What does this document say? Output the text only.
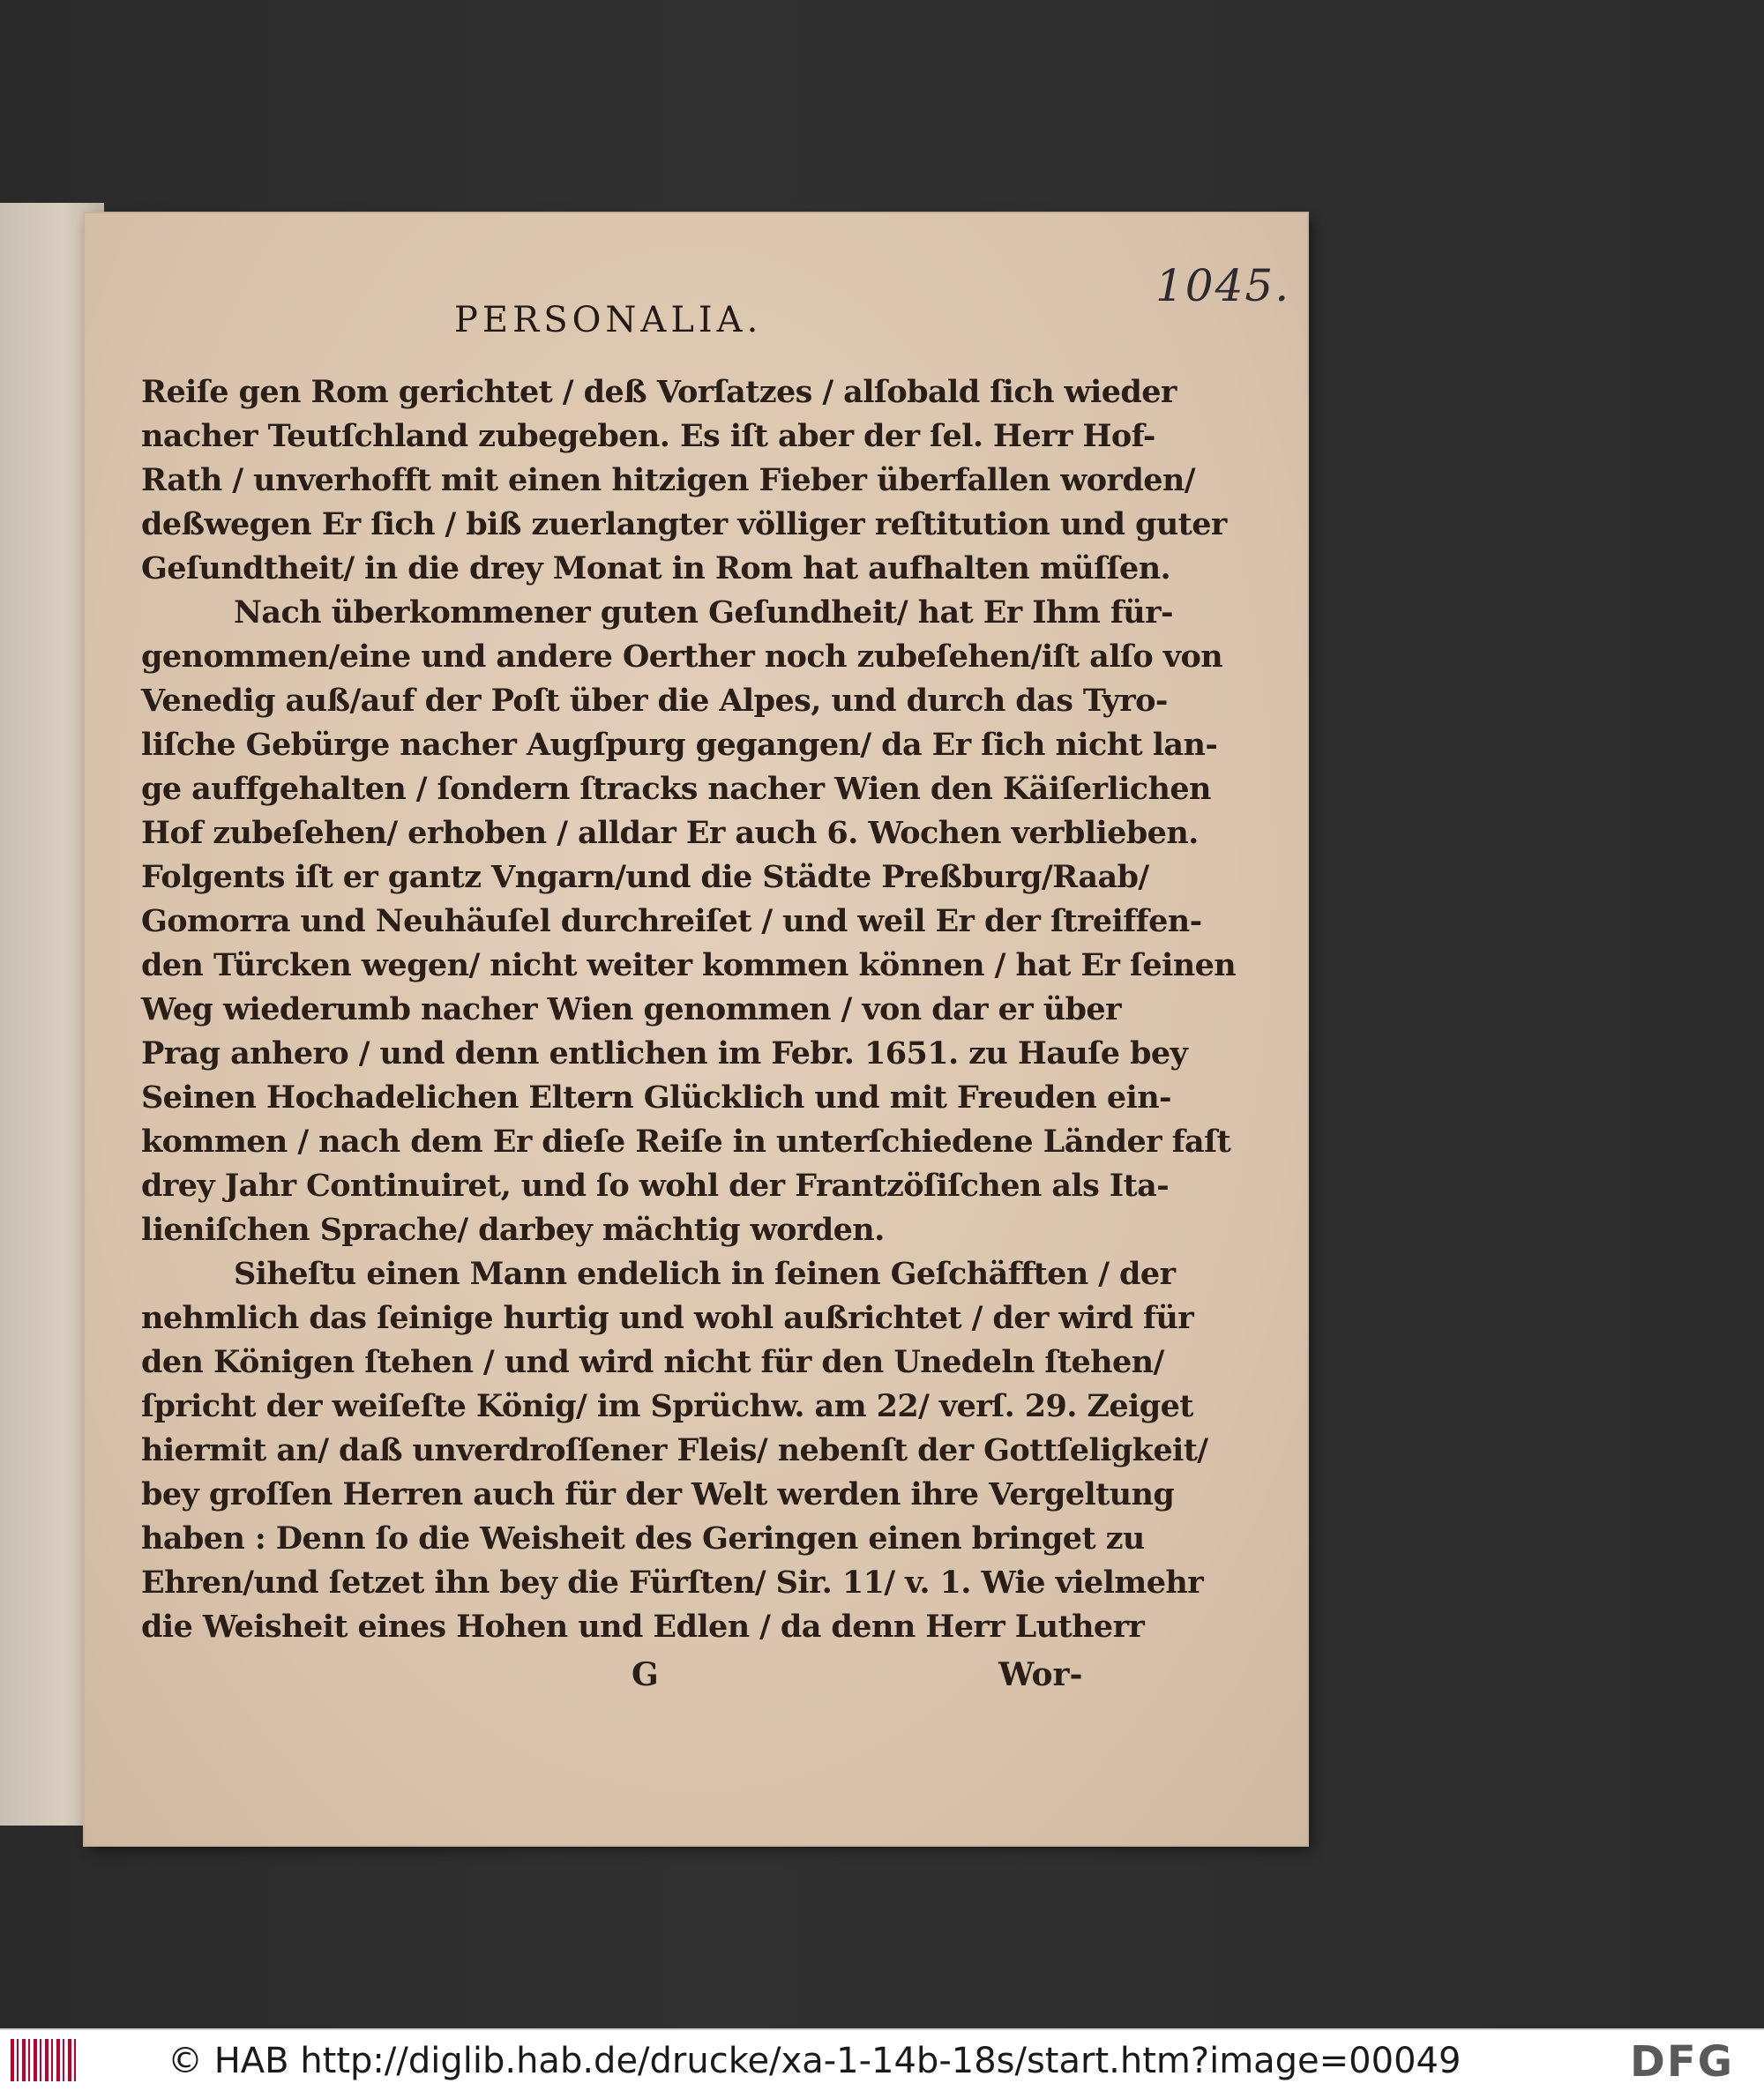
1045.
PERSONALIA.
Reiſe gen Rom gerichtet / deß Vorſatzes / alſobald ſich wieder
nacher Teutſchland zubegeben. Es iſt aber der ſel. Herr Hof-
Rath / unverhofft mit einen hitzigen Fieber überfallen worden/
deßwegen Er ſich / biß zuerlangter völliger reſtitution und guter
Geſundtheit/ in die drey Monat in Rom hat aufhalten müſſen.
Nach überkommener guten Geſundheit/ hat Er Ihm für-
genommen/eine und andere Oerther noch zubeſehen/iſt alſo von
Venedig auß/auf der Poſt über die Alpes, und durch das Tyro-
liſche Gebürge nacher Augſpurg gegangen/ da Er ſich nicht lan-
ge auffgehalten / ſondern ſtracks nacher Wien den Käiſerlichen
Hof zubeſehen/ erhoben / alldar Er auch 6. Wochen verblieben.
Folgents iſt er gantz Vngarn/und die Städte Preßburg/Raab/
Gomorra und Neuhäuſel durchreiſet / und weil Er der ſtreiffen-
den Türcken wegen/ nicht weiter kommen können / hat Er ſeinen
Weg wiederumb nacher Wien genommen / von dar er über
Prag anhero / und denn entlichen im Febr. 1651. zu Hauſe bey
Seinen Hochadelichen Eltern Glücklich und mit Freuden ein-
kommen / nach dem Er dieſe Reiſe in unterſchiedene Länder faſt
drey Jahr Continuiret, und ſo wohl der Frantzöſiſchen als Ita-
lieniſchen Sprache/ darbey mächtig worden.
Siheſtu einen Mann endelich in ſeinen Geſchäfften / der
nehmlich das ſeinige hurtig und wohl außrichtet / der wird für
den Königen ſtehen / und wird nicht für den Unedeln ſtehen/
ſpricht der weiſeſte König/ im Sprüchw. am 22/ verſ. 29. Zeiget
hiermit an/ daß unverdroſſener Fleis/ nebenſt der Gottſeligkeit/
bey groſſen Herren auch für der Welt werden ihre Vergeltung
haben : Denn ſo die Weisheit des Geringen einen bringet zu
Ehren/und ſetzet ihn bey die Fürſten/ Sir. 11/ v. 1. Wie vielmehr
die Weisheit eines Hohen und Edlen / da denn Herr Lutherr
G	Wor-
© HAB http://diglib.hab.de/drucke/xa-1-14b-18s/start.htm?image=00049	DFG
